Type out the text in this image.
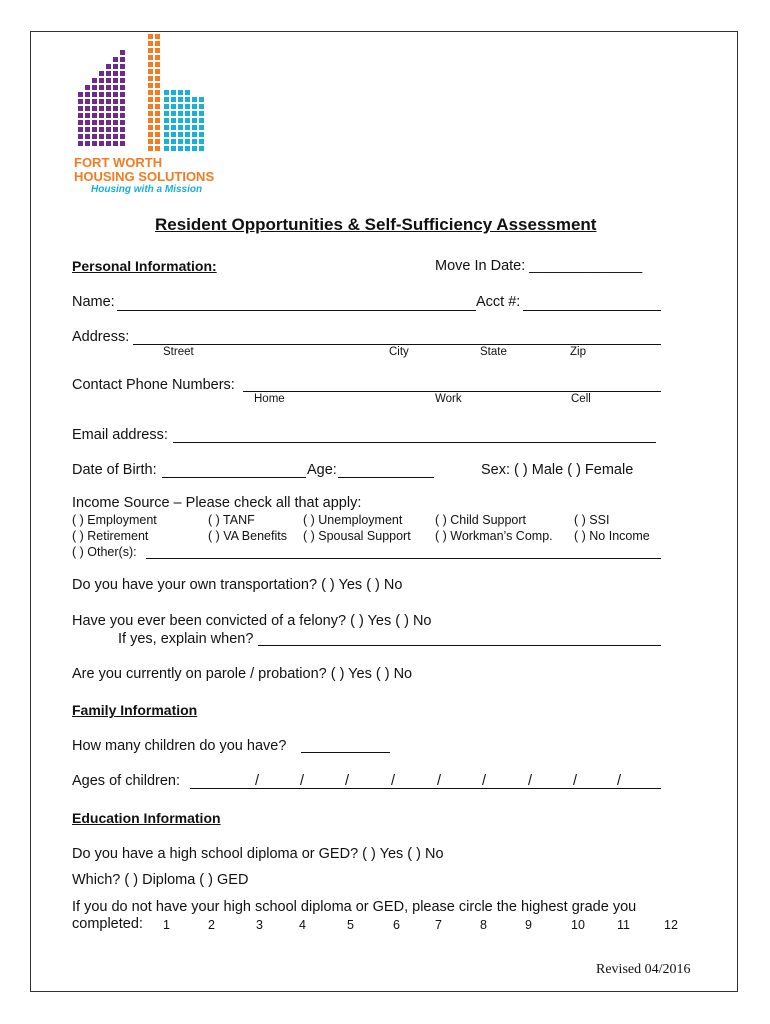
FORT WORTH
HOUSING SOLUTIONS
Housing with a Mission
Resident Opportunities & Self-Sufficiency Assessment
Personal Information:	Move In Date: ______________
Name:	Acct #:
Address:
Street	City	State	Zip
Contact Phone Numbers:
Home	Work	Cell
Email address:
Date of Birth:	Age:	Sex: ( ) Male ( ) Female
Income Source – Please check all that apply:
( ) Employment	( ) TANF	( ) Unemployment	( ) Child Support	( ) SSI
( ) Retirement	( ) VA Benefits ( ) Spousal Support ( ) Workman’s Comp. ( ) No Income
( ) Other(s):
Do you have your own transportation? ( ) Yes ( ) No
Have you ever been convicted of a felony? ( ) Yes ( ) No
If yes, explain when?
Are you currently on parole / probation? ( ) Yes ( ) No
Family Information
How many children do you have?
Ages of children:	/	/	/	/	/	/	/	/	/
Education Information
Do you have a high school diploma or GED? ( ) Yes ( ) No
Which? ( ) Diploma ( ) GED
If you do not have your high school diploma or GED, please circle the highest grade you
completed: 1	2	3	4	5	6	7	8	9	10	11	12
Revised 04/2016
